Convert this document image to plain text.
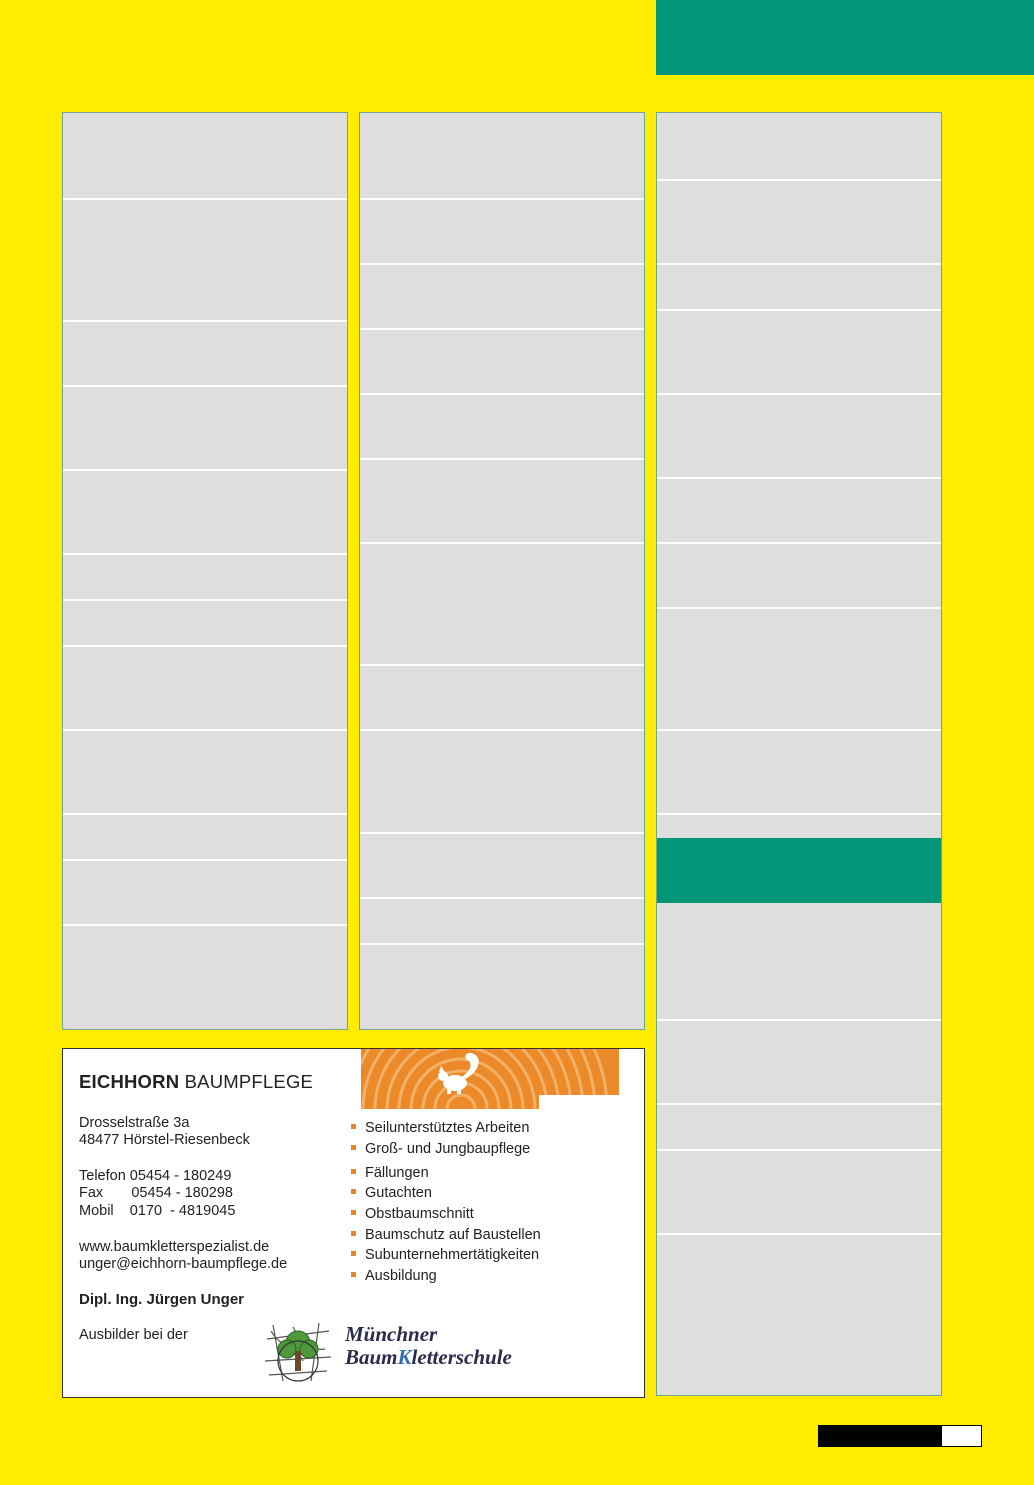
EICHHORN BAUMPFLEGE
Drosselstraße 3a
48477 Hörstel-Riesenbeck
Telefon 05454 - 180249
Fax       05454 - 180298
Mobil    0170  - 4819045
www.baumkletterspezialist.de
unger@eichhorn-baumpflege.de
Dipl. Ing. Jürgen Unger
Ausbilder bei der
Seilunterstütztes Arbeiten
Groß- und Jungbaupflege
Fällungen
Gutachten
Obstbaumschnitt
Baumschutz auf Baustellen
Subunternehmertätigkeiten
Ausbildung
Münchner
BaumKletterschule
